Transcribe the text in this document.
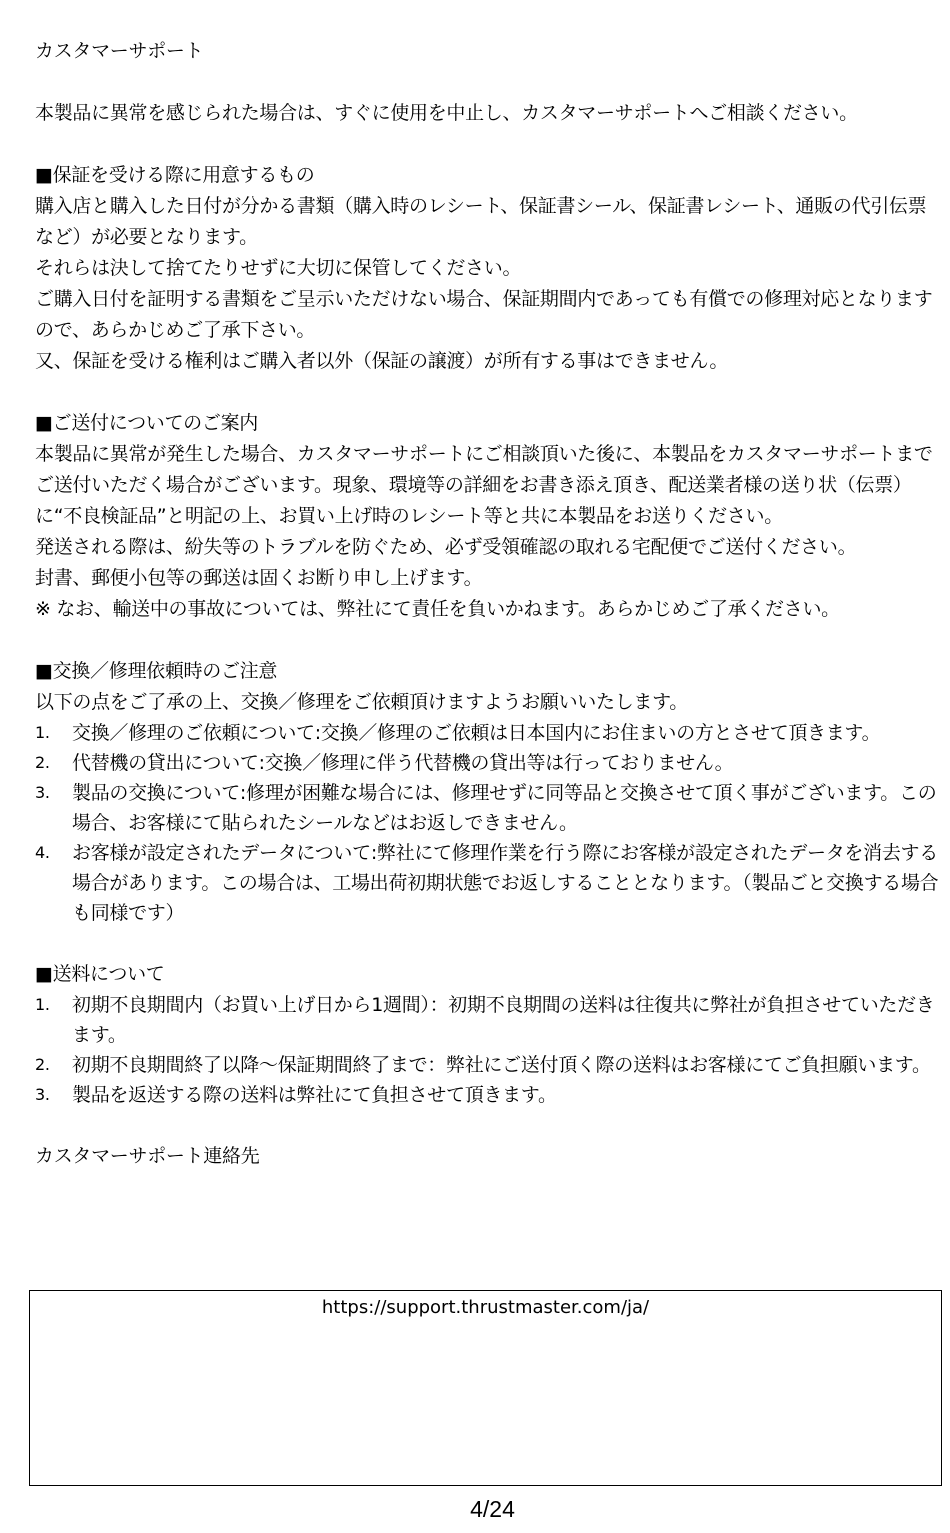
カスタマーサポート

本製品に異常を感じられた場合は、すぐに使用を中止し、カスタマーサポートへご相談ください。

■保証を受ける際に用意するもの

購入店と購入した日付が分かる書類（購入時のレシート、保証書シール、保証書レシート、通販の代引伝票など）が必要となります。

それらは決して捨てたりせずに大切に保管してください。

ご購入日付を証明する書類をご呈示いただけない場合、保証期間内であっても有償での修理対応となりますので、あらかじめご了承下さい。

又、保証を受ける権利はご購入者以外（保証の譲渡）が所有する事はできません。

■ご送付についてのご案内

本製品に異常が発生した場合、カスタマーサポートにご相談頂いた後に、本製品をカスタマーサポートまでご送付いただく場合がございます。現象、環境等の詳細をお書き添え頂き、配送業者様の送り状（伝票）に“不良検証品”と明記の上、お買い上げ時のレシート等と共に本製品をお送りください。

発送される際は、紛失等のトラブルを防ぐため、必ず受領確認の取れる宅配便でご送付ください。

封書、郵便小包等の郵送は固くお断り申し上げます。

※ なお、輸送中の事故については、弊社にて責任を負いかねます。あらかじめご了承ください。

■交換／修理依頼時のご注意

以下の点をご了承の上、交換／修理をご依頼頂けますようお願いいたします。

1. 交換／修理のご依頼について:交換／修理のご依頼は日本国内にお住まいの方とさせて頂きます。
2. 代替機の貸出について:交換／修理に伴う代替機の貸出等は行っておりません。
3. 製品の交換について:修理が困難な場合には、修理せずに同等品と交換させて頂く事がございます。この場合、お客様にて貼られたシールなどはお返しできません。
4. お客様が設定されたデータについて:弊社にて修理作業を行う際にお客様が設定されたデータを消去する場合があります。この場合は、工場出荷初期状態でお返しすることとなります。（製品ごと交換する場合も同様です）

■送料について

1. 初期不良期間内（お買い上げ日から1週間）：初期不良期間の送料は往復共に弊社が負担させていただきます。
2. 初期不良期間終了以降～保証期間終了まで：弊社にご送付頂く際の送料はお客様にてご負担願います。
3. 製品を返送する際の送料は弊社にて負担させて頂きます。

カスタマーサポート連絡先

https://support.thrustmaster.com/ja/
4/24
